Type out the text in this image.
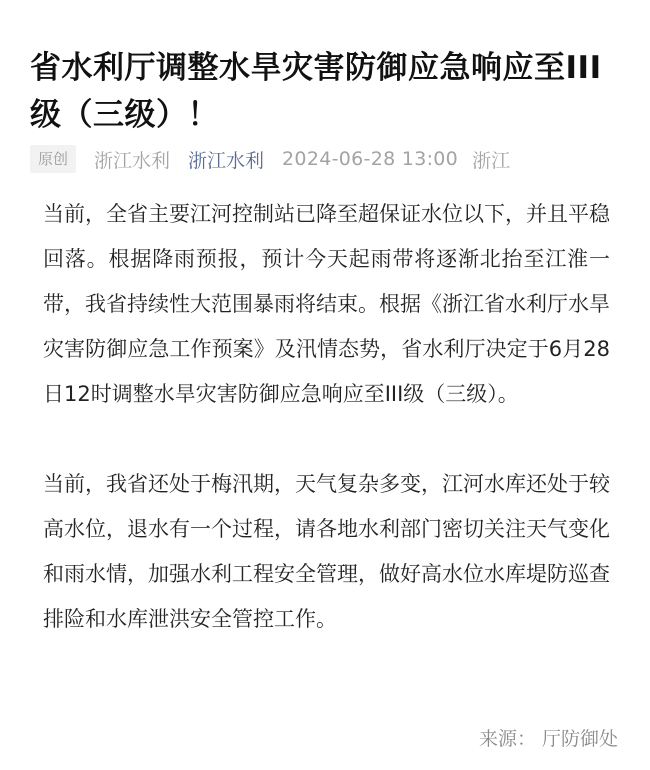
省水利厅调整水旱灾害防御应急响应至III级（三级）！
原创	浙江水利 浙江水利 2024-06-28 13:00 浙江

当前，全省主要江河控制站已降至超保证水位以下，并且平稳回落。根据降雨预报，预计今天起雨带将逐渐北抬至江淮一带，我省持续性大范围暴雨将结束。根据《浙江省水利厅水旱灾害防御应急工作预案》及汛情态势，省水利厅决定于6月28日12时调整水旱灾害防御应急响应至III级（三级）。

当前，我省还处于梅汛期，天气复杂多变，江河水库还处于较高水位，退水有一个过程，请各地水利部门密切关注天气变化和雨水情，加强水利工程安全管理，做好高水位水库堤防巡查排险和水库泄洪安全管控工作。

来源： 厅防御处
